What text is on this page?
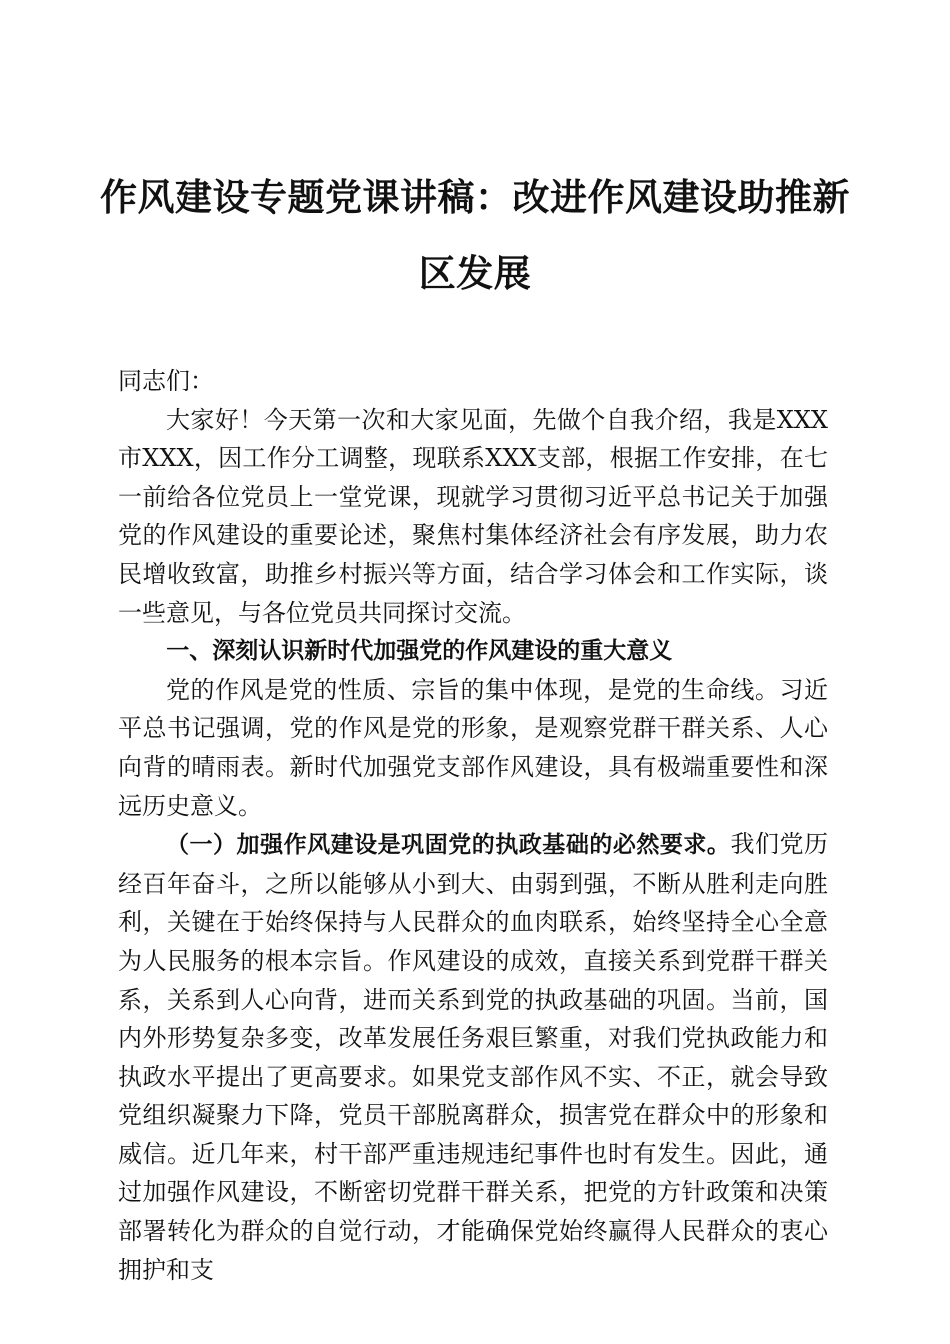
作风建设专题党课讲稿：改进作风建设助推新区发展

同志们：

大家好！今天第一次和大家见面，先做个自我介绍，我是XXX市XXX，因工作分工调整，现联系XXX支部，根据工作安排，在七一前给各位党员上一堂党课，现就学习贯彻习近平总书记关于加强党的作风建设的重要论述，聚焦村集体经济社会有序发展，助力农民增收致富，助推乡村振兴等方面，结合学习体会和工作实际，谈一些意见，与各位党员共同探讨交流。

一、深刻认识新时代加强党的作风建设的重大意义

党的作风是党的性质、宗旨的集中体现，是党的生命线。习近平总书记强调，党的作风是党的形象，是观察党群干群关系、人心向背的晴雨表。新时代加强党支部作风建设，具有极端重要性和深远历史意义。

（一）加强作风建设是巩固党的执政基础的必然要求。我们党历经百年奋斗，之所以能够从小到大、由弱到强，不断从胜利走向胜利，关键在于始终保持与人民群众的血肉联系，始终坚持全心全意为人民服务的根本宗旨。作风建设的成效，直接关系到党群干群关系，关系到人心向背，进而关系到党的执政基础的巩固。当前，国内外形势复杂多变，改革发展任务艰巨繁重，对我们党执政能力和执政水平提出了更高要求。如果党支部作风不实、不正，就会导致党组织凝聚力下降，党员干部脱离群众，损害党在群众中的形象和威信。近几年来，村干部严重违规违纪事件也时有发生。因此，通过加强作风建设，不断密切党群干群关系，把党的方针政策和决策部署转化为群众的自觉行动，才能确保党始终赢得人民群众的衷心拥护和支
